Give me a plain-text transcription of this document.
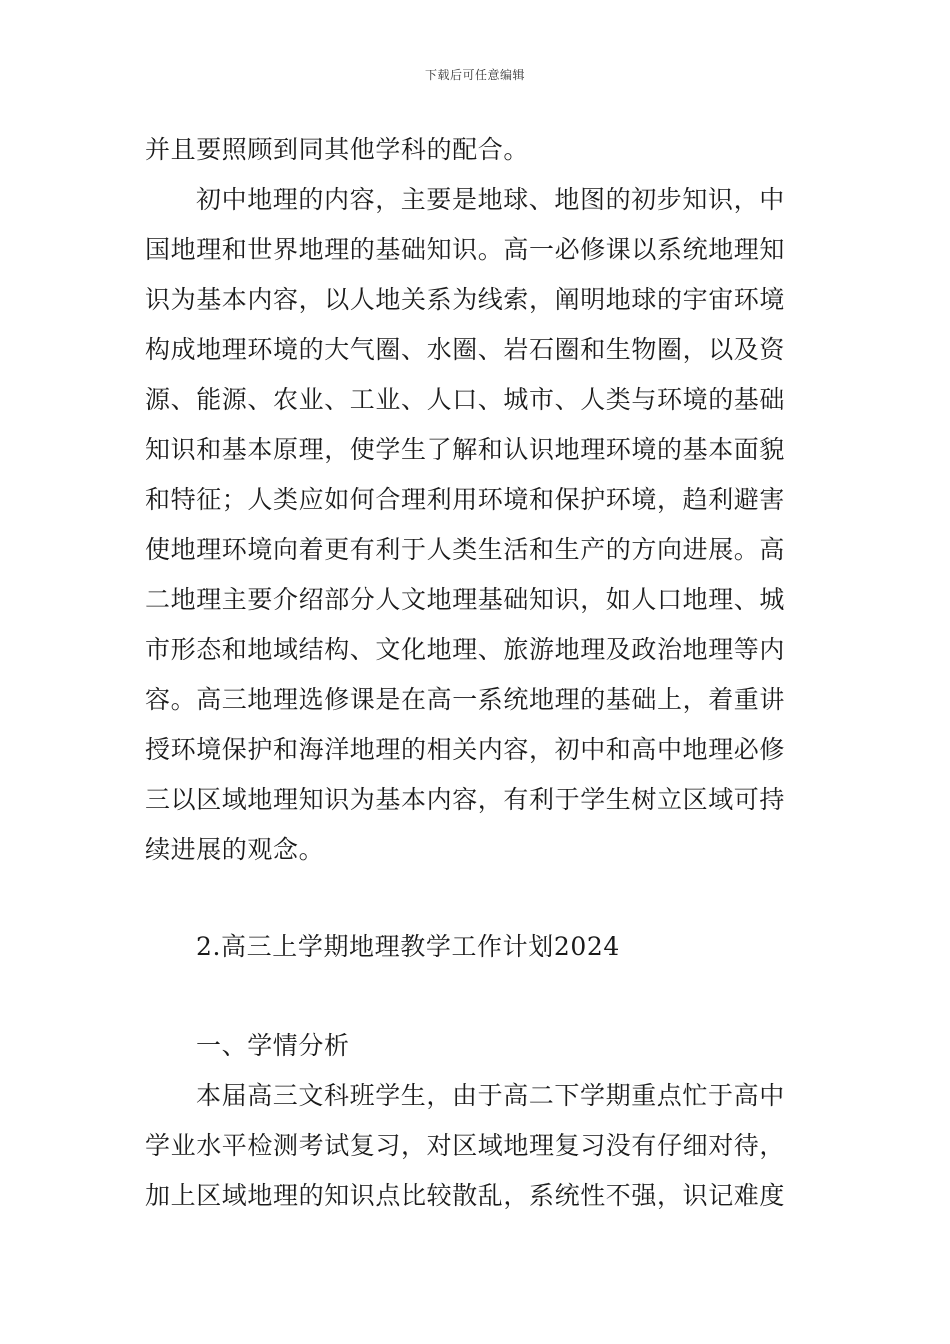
下载后可任意编辑
并且要照顾到同其他学科的配合。
初中地理的内容，主要是地球、地图的初步知识，中
国地理和世界地理的基础知识。高一必修课以系统地理知
识为基本内容，以人地关系为线索，阐明地球的宇宙环境
构成地理环境的大气圈、水圈、岩石圈和生物圈，以及资
源、能源、农业、工业、人口、城市、人类与环境的基础
知识和基本原理，使学生了解和认识地理环境的基本面貌
和特征；人类应如何合理利用环境和保护环境，趋利避害
使地理环境向着更有利于人类生活和生产的方向进展。高
二地理主要介绍部分人文地理基础知识，如人口地理、城
市形态和地域结构、文化地理、旅游地理及政治地理等内
容。高三地理选修课是在高一系统地理的基础上，着重讲
授环境保护和海洋地理的相关内容，初中和高中地理必修
三以区域地理知识为基本内容，有利于学生树立区域可持
续进展的观念。
2.高三上学期地理教学工作计划2024
一、学情分析
本届高三文科班学生，由于高二下学期重点忙于高中
学业水平检测考试复习，对区域地理复习没有仔细对待，
加上区域地理的知识点比较散乱，系统性不强，识记难度
